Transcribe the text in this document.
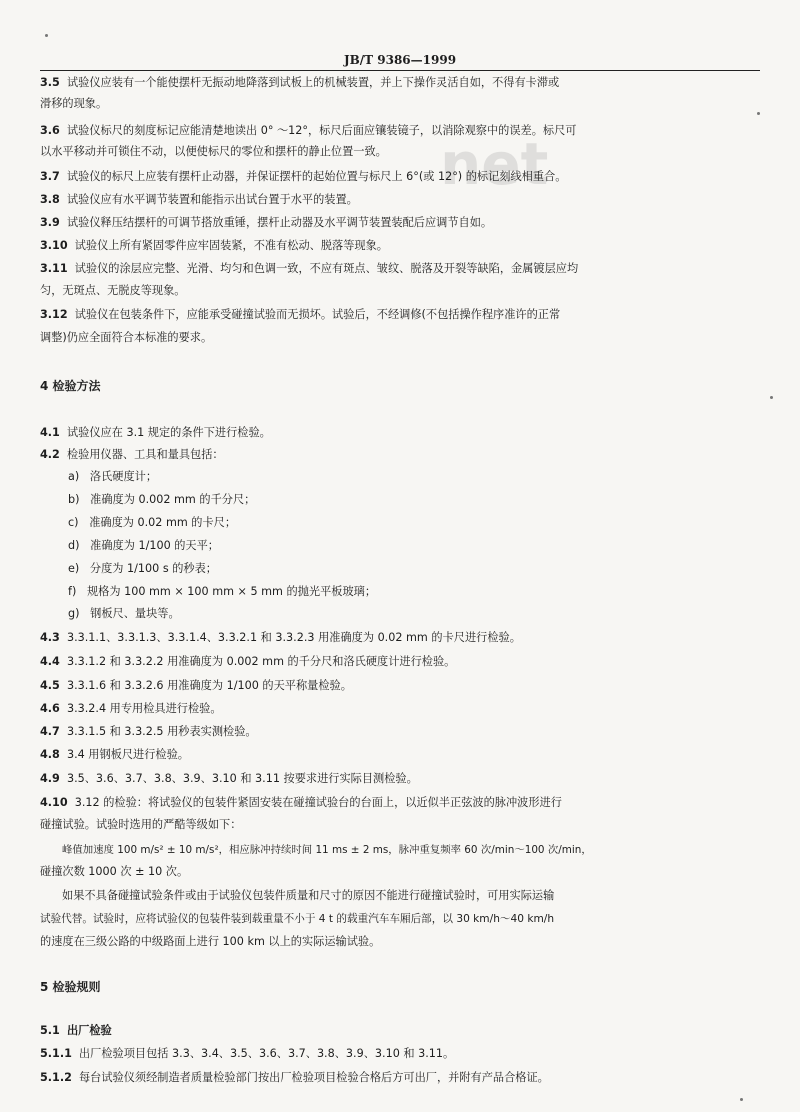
net
JB/T 9386—1999
3.5 试验仪应装有一个能使摆杆无振动地降落到试板上的机械装置，并上下操作灵活自如，不得有卡滞或
滑移的现象。
3.6 试验仪标尺的刻度标记应能清楚地读出 0° ～12°，标尺后面应镶装镜子，以消除观察中的误差。标尺可
以水平移动并可锁住不动，以便使标尺的零位和摆杆的静止位置一致。
3.7 试验仪的标尺上应装有摆杆止动器，并保证摆杆的起始位置与标尺上 6°(或 12°) 的标记刻线相重合。
3.8 试验仪应有水平调节装置和能指示出试台置于水平的装置。
3.9 试验仪释压结摆杆的可调节搭放重锤，摆杆止动器及水平调节装置装配后应调节自如。
3.10 试验仪上所有紧固零件应牢固装紧，不准有松动、脱落等现象。
3.11 试验仪的涂层应完整、光滑、均匀和色调一致，不应有斑点、皱纹、脱落及开裂等缺陷，金属镀层应均
匀，无斑点、无脱皮等现象。
3.12 试验仪在包装条件下，应能承受碰撞试验而无损坏。试验后，不经调修(不包括操作程序准许的正常
调整)仍应全面符合本标准的要求。
4 检验方法
4.1 试验仪应在 3.1 规定的条件下进行检验。
4.2 检验用仪器、工具和量具包括：
a) 洛氏硬度计；
b) 准确度为 0.002 mm 的千分尺；
c) 准确度为 0.02 mm 的卡尺；
d) 准确度为 1/100 的天平；
e) 分度为 1/100 s 的秒表；
f) 规格为 100 mm × 100 mm × 5 mm 的抛光平板玻璃；
g) 钢板尺、量块等。
4.3 3.3.1.1、3.3.1.3、3.3.1.4、3.3.2.1 和 3.3.2.3 用准确度为 0.02 mm 的卡尺进行检验。
4.4 3.3.1.2 和 3.3.2.2 用准确度为 0.002 mm 的千分尺和洛氏硬度计进行检验。
4.5 3.3.1.6 和 3.3.2.6 用准确度为 1/100 的天平称量检验。
4.6 3.3.2.4 用专用检具进行检验。
4.7 3.3.1.5 和 3.3.2.5 用秒表实测检验。
4.8 3.4 用钢板尺进行检验。
4.9 3.5、3.6、3.7、3.8、3.9、3.10 和 3.11 按要求进行实际目测检验。
4.10 3.12 的检验：将试验仪的包装件紧固安装在碰撞试验台的台面上，以近似半正弦波的脉冲波形进行
碰撞试验。试验时选用的严酷等级如下：
峰值加速度 100 m/s² ± 10 m/s²，相应脉冲持续时间 11 ms ± 2 ms，脉冲重复频率 60 次/min～100 次/min，
碰撞次数 1000 次 ± 10 次。
如果不具备碰撞试验条件或由于试验仪包装件质量和尺寸的原因不能进行碰撞试验时，可用实际运输
试验代替。试验时，应将试验仪的包装件装到载重量不小于 4 t 的载重汽车车厢后部，以 30 km/h～40 km/h
的速度在三级公路的中级路面上进行 100 km 以上的实际运输试验。
5 检验规则
5.1 出厂检验
5.1.1 出厂检验项目包括 3.3、3.4、3.5、3.6、3.7、3.8、3.9、3.10 和 3.11。
5.1.2 每台试验仪须经制造者质量检验部门按出厂检验项目检验合格后方可出厂，并附有产品合格证。
